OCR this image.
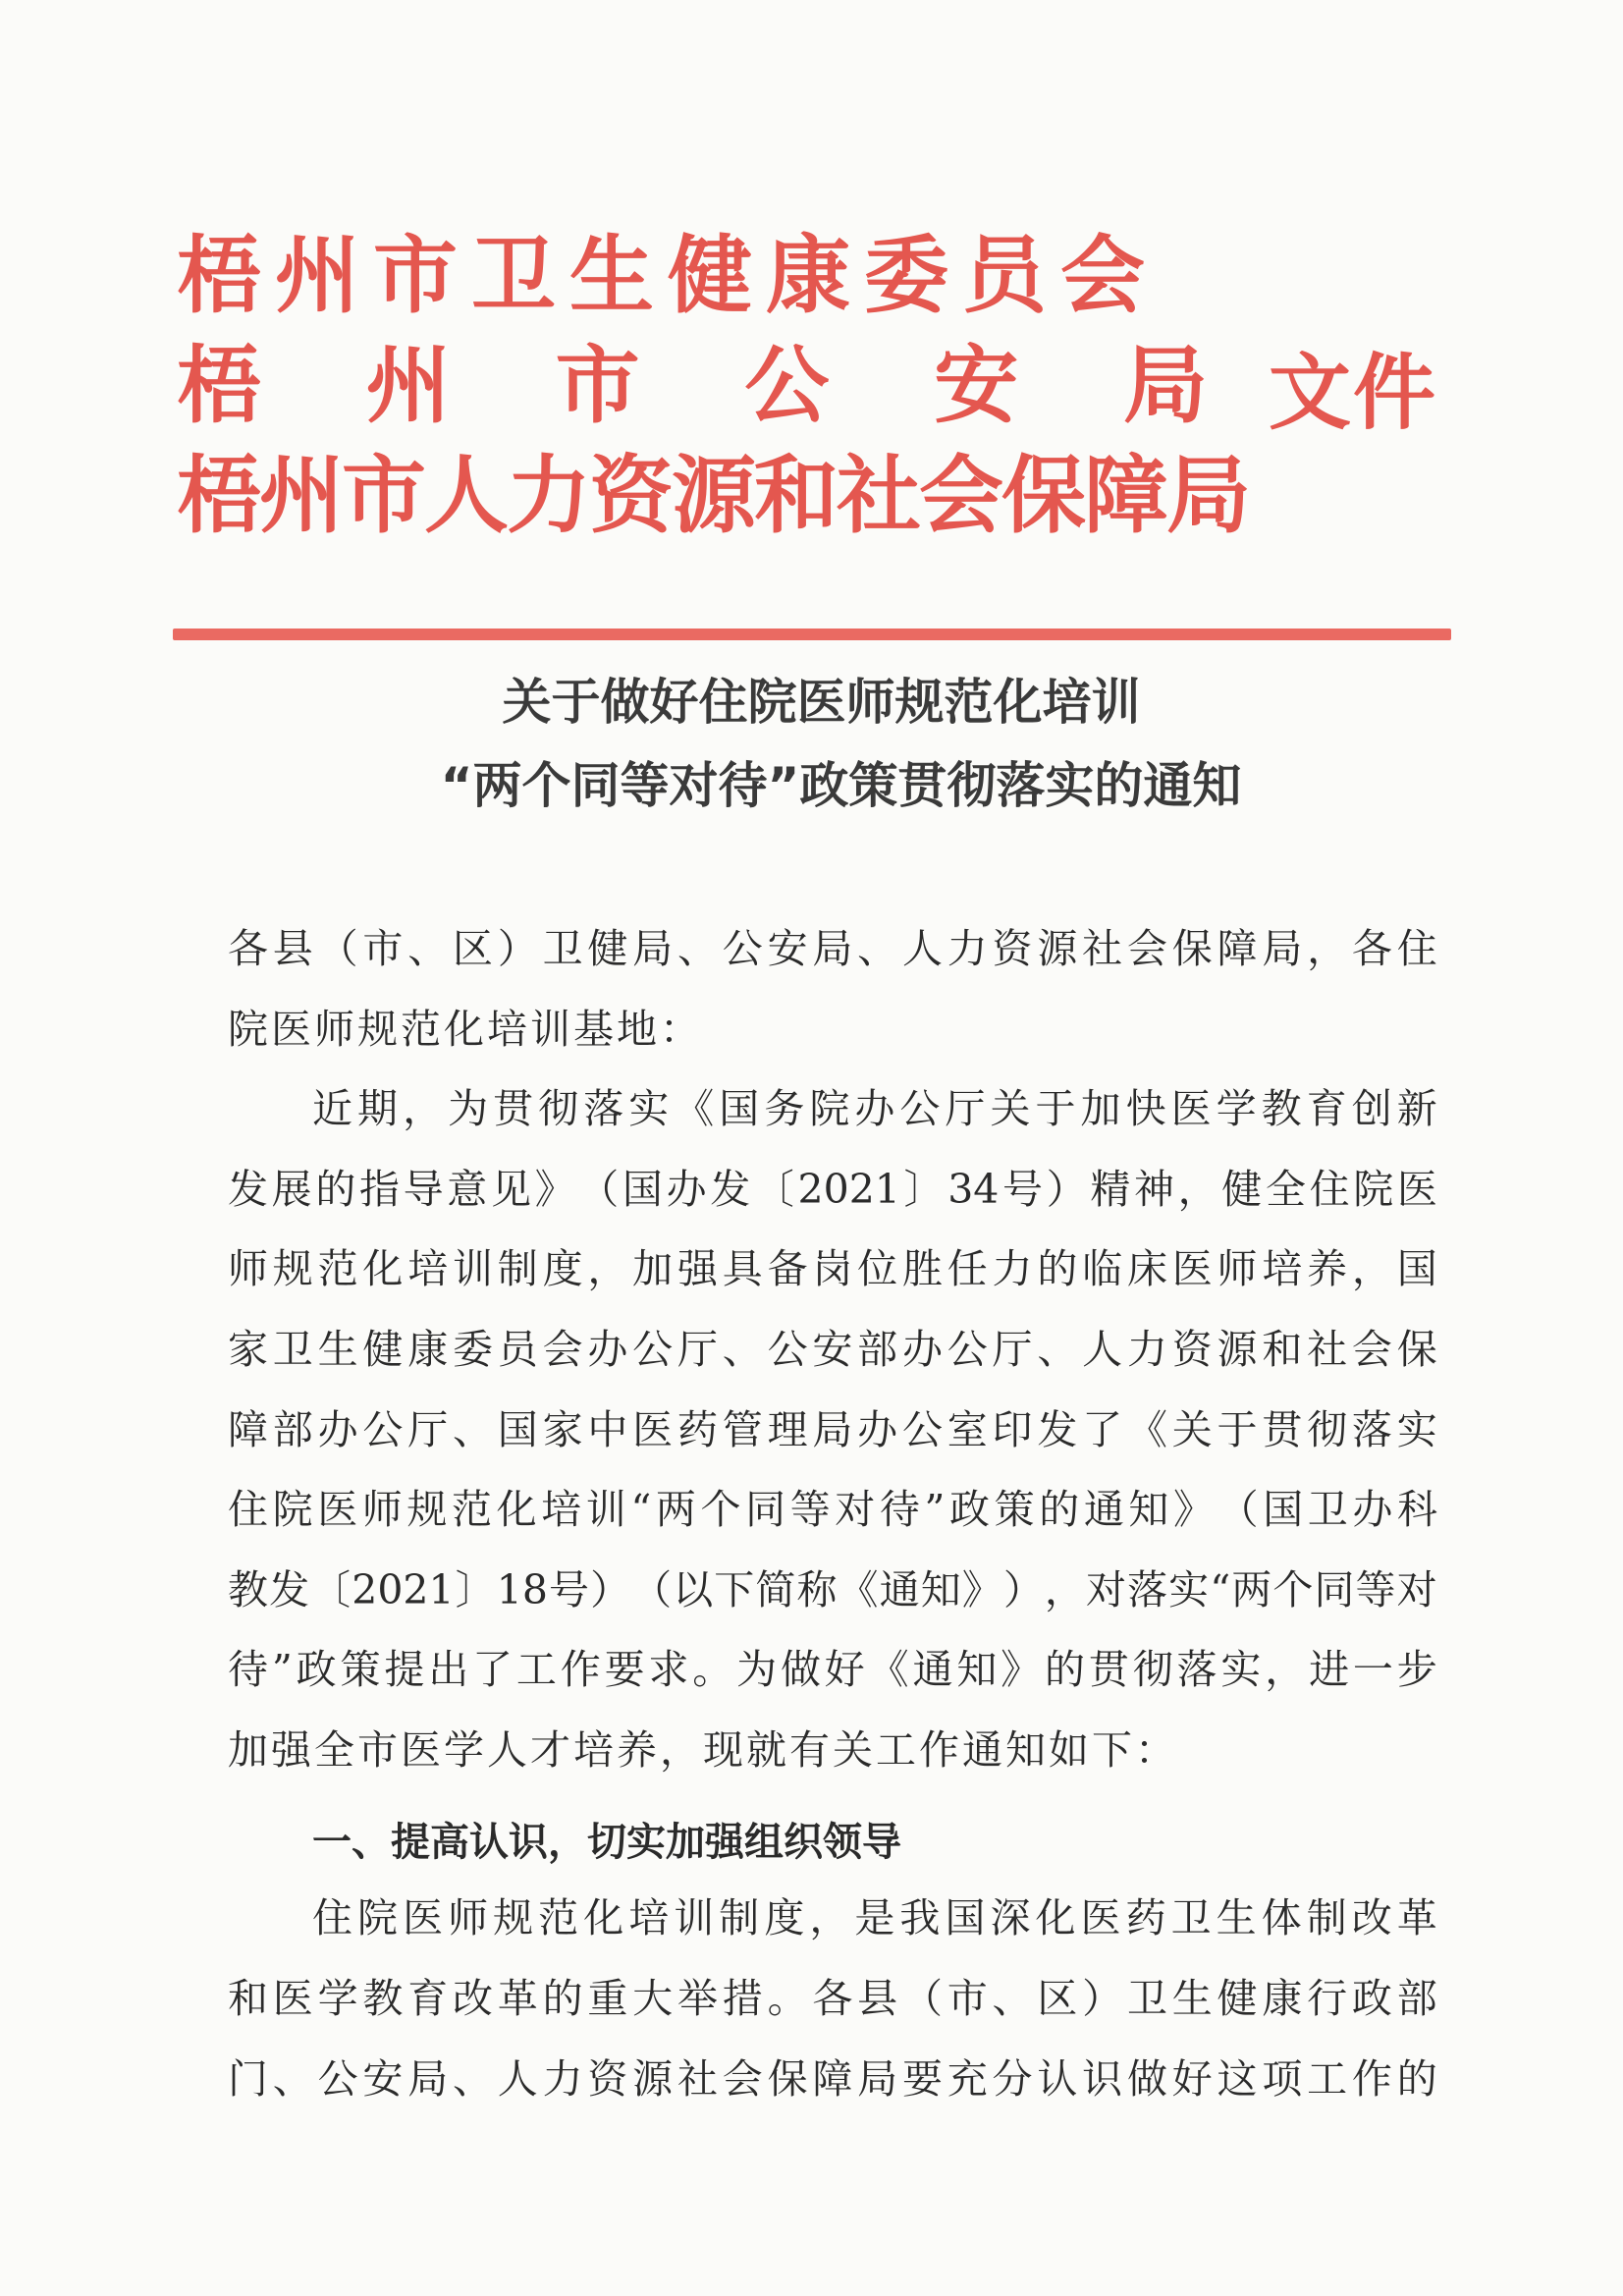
梧州市卫生健康委员会
梧 州 市 公 安 局 文件
梧州市人力资源和社会保障局
关于做好住院医师规范化培训
“两个同等对待”政策贯彻落实的通知
各 县 （ 市 、 区 ） 卫 健 局 、 公 安 局 、 人 力 资 源 社 会 保 障 局 ， 各 住
院医师规范化培训基地：
近 期 ， 为 贯 彻 落 实 《 国 务 院 办 公 厅 关 于 加 快 医 学 教 育 创 新
发 展 的 指 导 意 见 》 （ 国 办 发 〔 2021 〕 34 号 ） 精 神 ， 健 全 住 院 医
师 规 范 化 培 训 制 度 ， 加 强 具 备 岗 位 胜 任 力 的 临 床 医 师 培 养 ， 国
家 卫 生 健 康 委 员 会 办 公 厅 、 公 安 部 办 公 厅 、 人 力 资 源 和 社 会 保
障 部 办 公 厅 、 国 家 中 医 药 管 理 局 办 公 室 印 发 了 《 关 于 贯 彻 落 实
住 院 医 师 规 范 化 培 训 “ 两 个 同 等 对 待 ” 政 策 的 通 知 》 （ 国 卫 办 科
教 发 〔 2021 〕 18 号 ） （ 以 下 简 称 《 通 知 》 ） ， 对 落 实 “ 两 个 同 等 对
待 ” 政 策 提 出 了 工 作 要 求 。 为 做 好 《 通 知 》 的 贯 彻 落 实 ， 进 一 步
加强全市医学人才培养，现就有关工作通知如下：
一、提高认识，切实加强组织领导
住 院 医 师 规 范 化 培 训 制 度 ， 是 我 国 深 化 医 药 卫 生 体 制 改 革
和 医 学 教 育 改 革 的 重 大 举 措 。 各 县 （ 市 、 区 ） 卫 生 健 康 行 政 部
门 、 公 安 局 、 人 力 资 源 社 会 保 障 局 要 充 分 认 识 做 好 这 项 工 作 的
